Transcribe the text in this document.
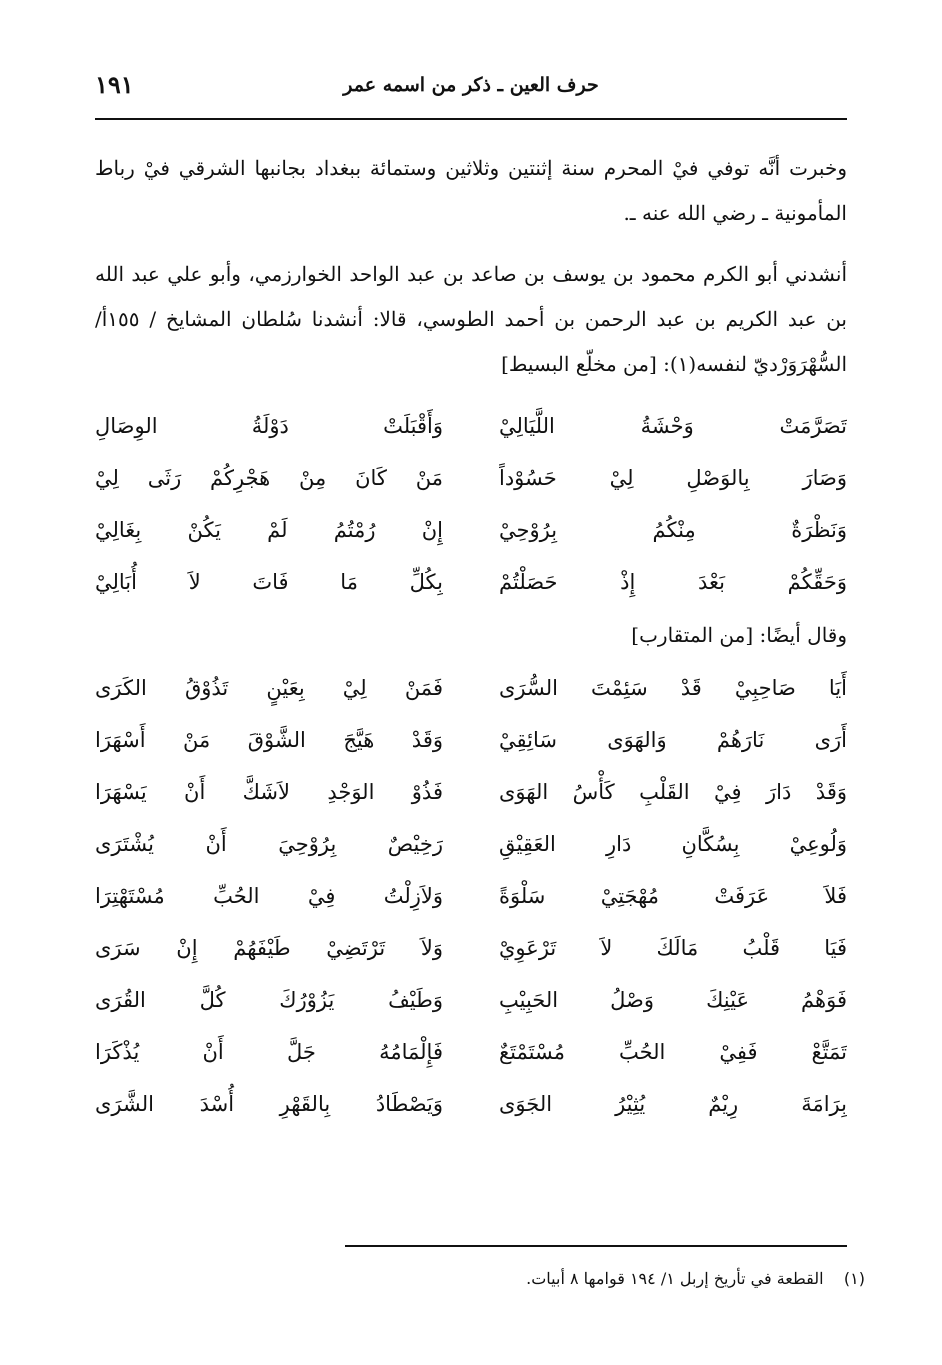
١٩١	حرف العين ـ ذكر من اسمه عمر
وخبرت أنَّه توفي فيْ المحرم سنة إثنتين وثلاثين وستمائة ببغداد بجانبها الشرقي فيْ رباط المأمونية ـ رضي الله عنه ـ.
أنشدني أبو الكرم محمود بن يوسف بن صاعد بن عبد الواحد الخوارزمي، وأبو علي عبد الله بن عبد الكريم بن عبد الرحمن بن أحمد الطوسي، قالا: أنشدنا سُلطان المشايخ / ١٥٥أ/ السُّهْرَوَرْديّ لنفسه(١): [من مخلّع البسيط]
تَصَرَّمَتْ وَحْشَةُ اللَّيَالِيْ
وَأَقْبَلَتْ دَوْلَةُ الوِصَالِ
وَصَارَ بِالوَصْلِ لِيْ حَسُوْداً
مَنْ كَانَ مِنْ هَجْرِكُمْ رَثَى لِيْ
وَنَظْرَةٌ مِنْكُمُ بِرُوْحِيْ
إِنْ رُمْتُمُ لَمْ يَكُنْ بِغَالِيْ
وَحَقِّكُمْ بَعْدَ إِذْ حَصَلْتُمْ
بِكُلِّ مَا فَاتَ لاَ أُبَالِيْ
وقال أيضًا: [من المتقارب]
أَيَا صَاحِبِيْ قَدْ سَئِمْتَ السُّرَى
فَمَنْ لِيْ بِعَيْنٍ تَذُوْقُ الكَرَى
أَرَى نَارَهُمْ وَالهَوَى سَائِقِيْ
وَقَدْ هَيَّجَ الشَّوْقَ مَنْ أَسْهَرَا
وَقَدْ دَارَ فِيْ القَلْبِ كَأْسُ الهَوَى
فَذُوْ الوَجْدِ لاَشَكَّ أَنْ يَسْهَرَا
وَلُوعِيْ بِسُكَّانِ دَارِ العَقِيْقِ
رَخِيْصٌ بِرُوْحِيَ أَنْ يُشْتَرَى
فَلاَ عَرَفَتْ مُهْجَتِيْ سَلْوَةً
وَلاَزِلْتُ فِيْ الحُبِّ مُسْتَهْتِرَا
فَيَا قَلْبُ مَالَكَ لاَ تَرْعَوِيْ
وَلاَ تَرْتَضِيْ طَيْفَهُمْ إِنْ سَرَى
فَوَهْمُ عَيْنِكَ وَصْلُ الحَبِيْبِ
وَطَيْفُ يَزُوْرُكَ كُلَّ القُرَى
تَمَتَّعْ فَفِيْ الحُبِّ مُسْتَمْتَعٌ
فَإِلْمَامُهُ جَلَّ أَنْ يُذْكَرَا
بِرَامَةَ رِيْمٌ يُثِيْرُ الجَوَى
وَيَصْطَادُ بِالقَهْرِ أُسْدَ الشَّرَى
(١)    القطعة في تأريخ إربل ١/ ١٩٤ قوامها ٨ أبيات.
